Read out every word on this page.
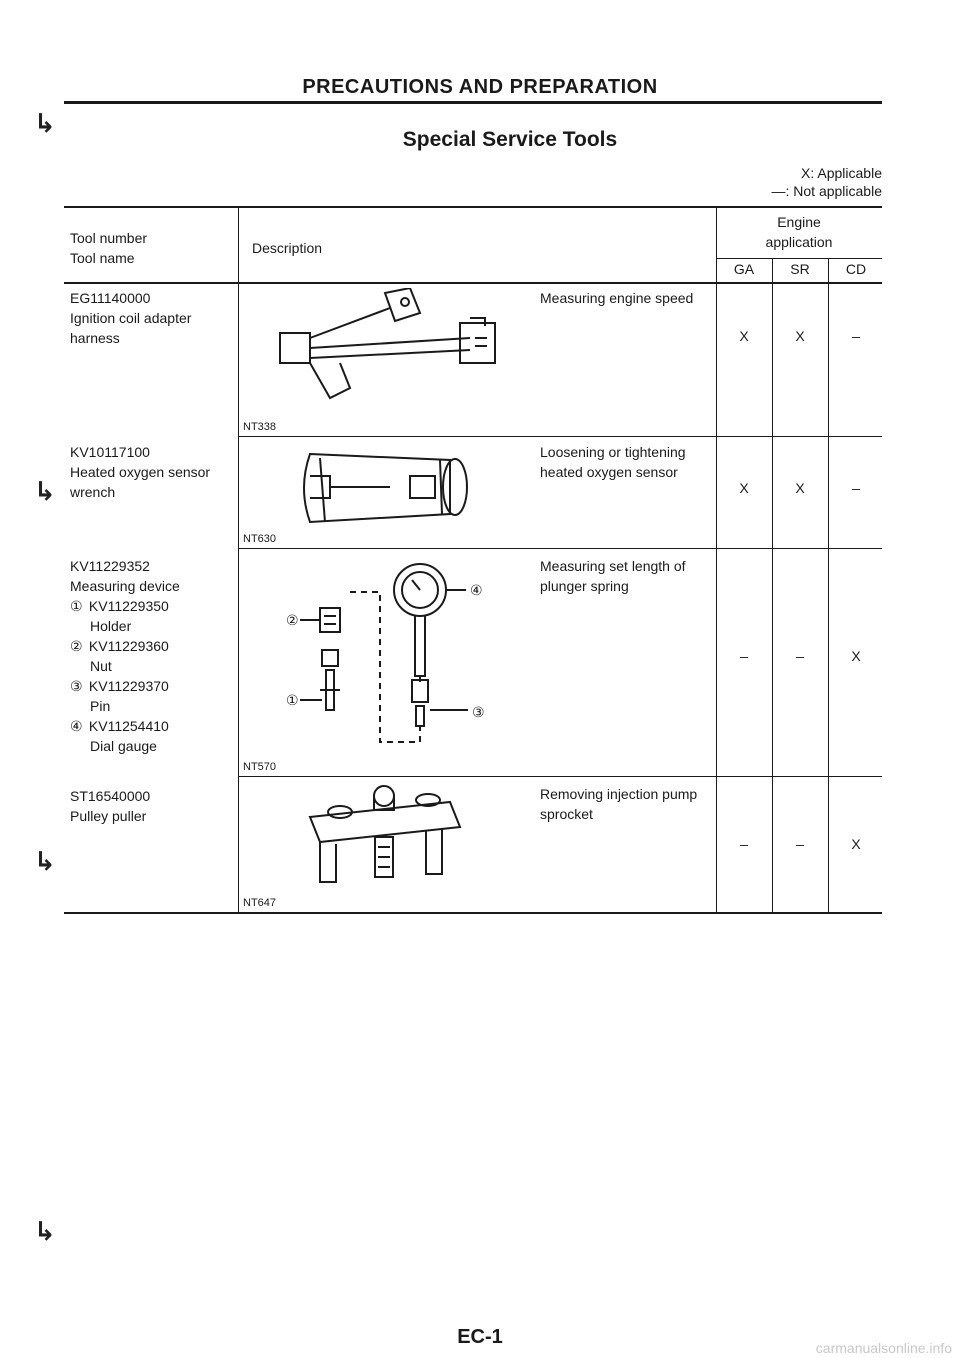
PRECAUTIONS AND PREPARATION
Special Service Tools
X: Applicable
—: Not applicable
↳
↳
↳
↳
Tool number
Tool name
Description
Engine
application
GA	SR	CD
EG11140000
Ignition coil adapter
harness
Measuring engine speed
NT338
X	X	–
KV10117100
Heated oxygen sensor
wrench
Loosening or tightening
heated oxygen sensor
NT630
X	X	–
KV11229352
Measuring device
① KV11229350
Holder
② KV11229360
Nut
③ KV11229370
Pin
④ KV11254410
Dial gauge
Measuring set length of
plunger spring
NT570
④
②
①
③
–	–	X
ST16540000
Pulley puller
Removing injection pump
sprocket
NT647
–	–	X
EC-1	carmanualsonline.info
